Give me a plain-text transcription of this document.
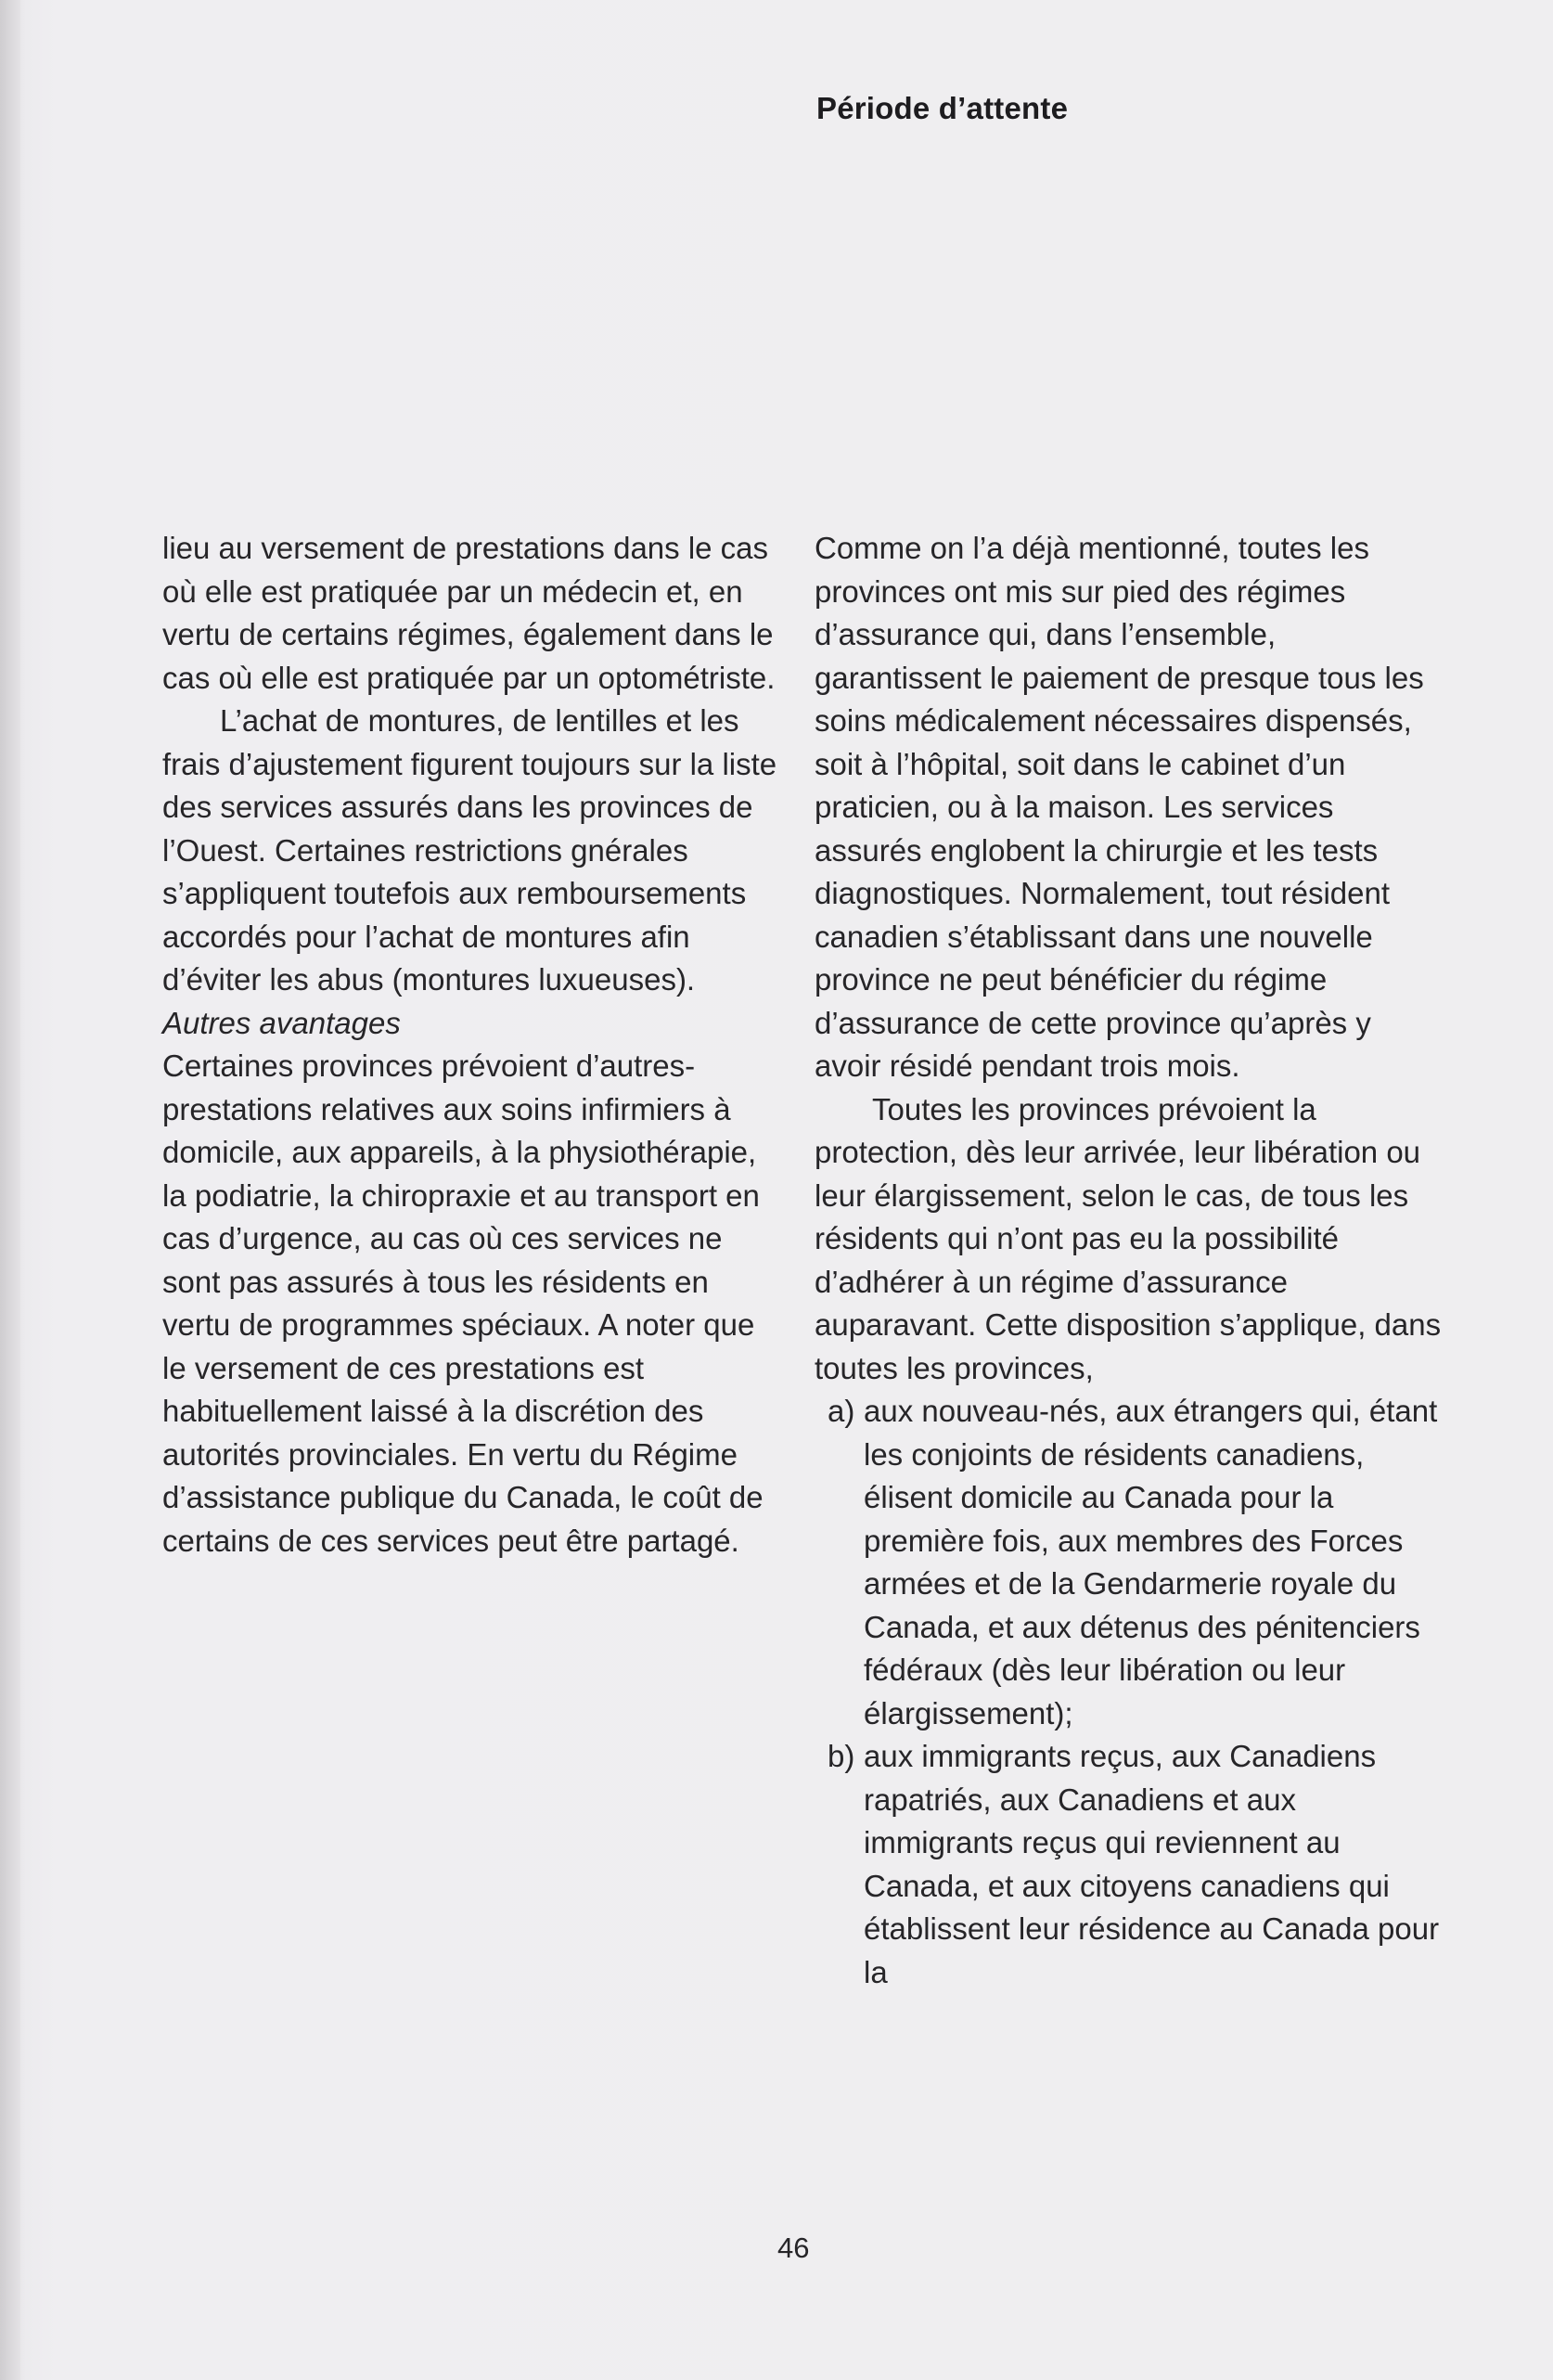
Période d’attente

lieu au versement de prestations dans le cas où elle est pratiquée par un médecin et, en vertu de certains régimes, également dans le cas où elle est pratiquée par un optométriste.

L’achat de montures, de lentilles et les frais d’ajustement figurent toujours sur la liste des services assurés dans les provinces de l’Ouest. Certaines restrictions gnérales s’appliquent toutefois aux remboursements accordés pour l’achat de montures afin d’éviter les abus (montures luxueuses).

Autres avantages

Certaines provinces prévoient d’autres-prestations relatives aux soins infirmiers à domicile, aux appareils, à la physiothérapie, la podiatrie, la chiropraxie et au transport en cas d’urgence, au cas où ces services ne sont pas assurés à tous les résidents en vertu de programmes spéciaux. A noter que le versement de ces prestations est habituellement laissé à la discrétion des autorités provinciales. En vertu du Régime d’assistance publique du Canada, le coût de certains de ces services peut être partagé.

Comme on l’a déjà mentionné, toutes les provinces ont mis sur pied des régimes d’assurance qui, dans l’ensemble, garantissent le paiement de presque tous les soins médicalement nécessaires dispensés, soit à l’hôpital, soit dans le cabinet d’un praticien, ou à la maison. Les services assurés englobent la chirurgie et les tests diagnostiques. Normalement, tout résident canadien s’établissant dans une nouvelle province ne peut bénéficier du régime d’assurance de cette province qu’après y avoir résidé pendant trois mois.

Toutes les provinces prévoient la protection, dès leur arrivée, leur libération ou leur élargissement, selon le cas, de tous les résidents qui n’ont pas eu la possibilité d’adhérer à un régime d’assurance auparavant. Cette disposition s’applique, dans toutes les provinces,

a) aux nouveau-nés, aux étrangers qui, étant les conjoints de résidents canadiens, élisent domicile au Canada pour la première fois, aux membres des Forces armées et de la Gendarmerie royale du Canada, et aux détenus des pénitenciers fédéraux (dès leur libération ou leur élargissement);
b) aux immigrants reçus, aux Canadiens rapatriés, aux Canadiens et aux immigrants reçus qui reviennent au Canada, et aux citoyens canadiens qui établissent leur résidence au Canada pour la
46
